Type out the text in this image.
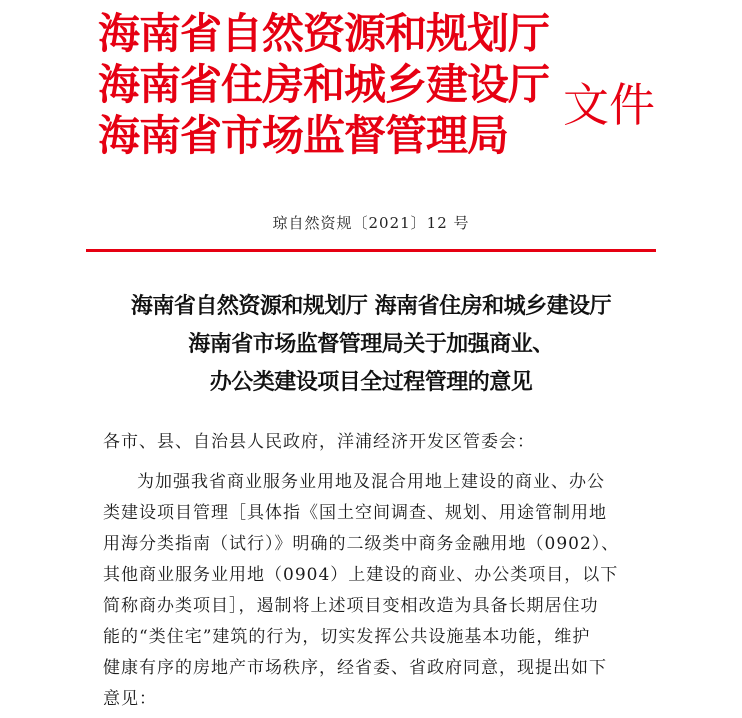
海南省自然资源和规划厅
海南省住房和城乡建设厅
海南省市场监督管理局
文件
琼自然资规〔2021〕12 号
海南省自然资源和规划厅 海南省住房和城乡建设厅
海南省市场监督管理局关于加强商业、
办公类建设项目全过程管理的意见
各市、县、自治县人民政府，洋浦经济开发区管委会：
为加强我省商业服务业用地及混合用地上建设的商业、办公
类建设项目管理［具体指《国土空间调查、规划、用途管制用地
用海分类指南（试行）》明确的二级类中商务金融用地（0902）、
其他商业服务业用地（0904）上建设的商业、办公类项目，以下
简称商办类项目］，遏制将上述项目变相改造为具备长期居住功
能的“类住宅”建筑的行为，切实发挥公共设施基本功能，维护
健康有序的房地产市场秩序，经省委、省政府同意，现提出如下
意见：
